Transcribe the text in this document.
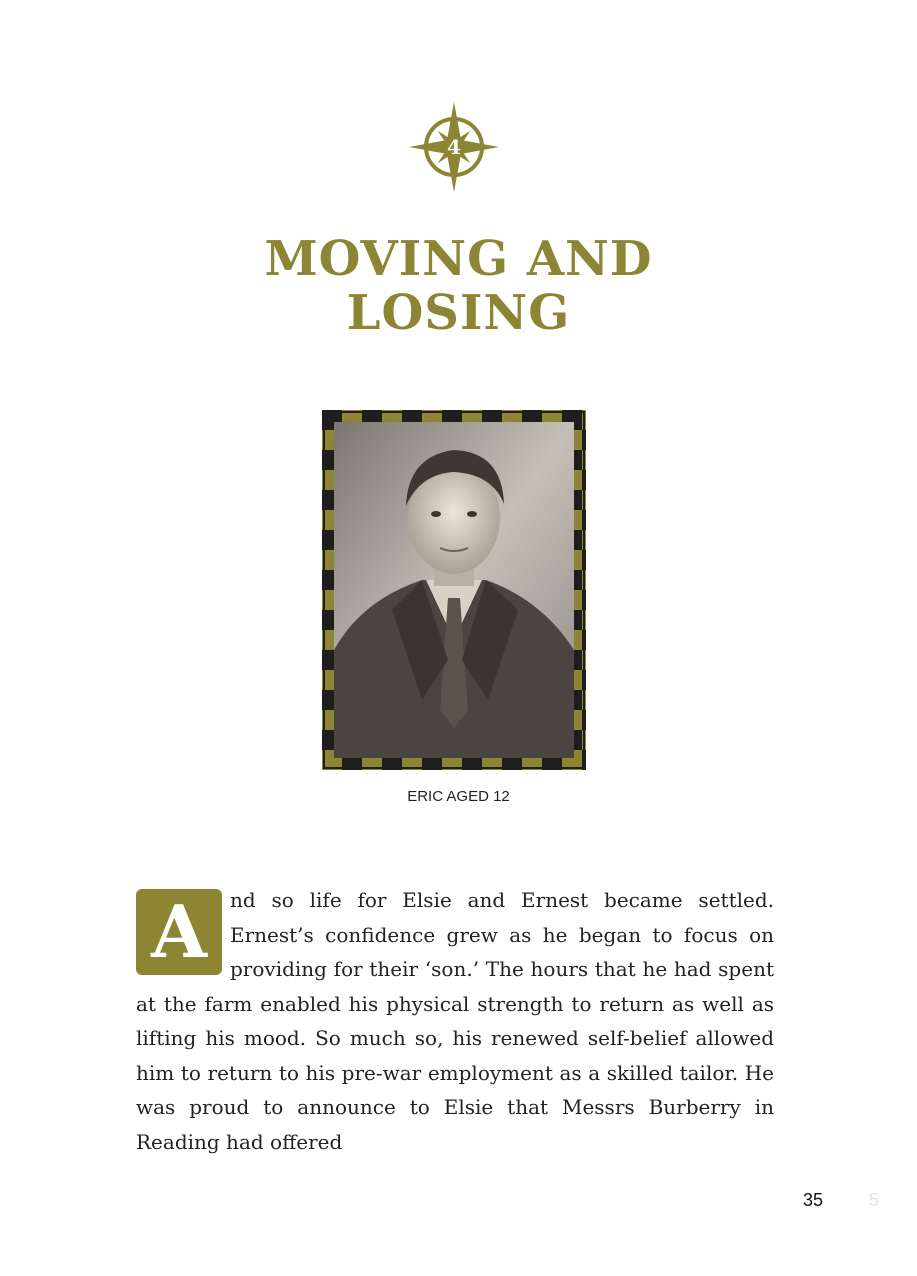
4
MOVING AND
LOSING
ERIC AGED 12

A	nd so life for Elsie and Ernest became settled. Ernest’s confidence grew as he began to focus on providing for their ‘son.’ The hours that he had spent at the farm enabled his physical strength to return as well as lifting his mood. So much so, his renewed self-belief allowed him to return to his pre-war employment as a skilled tailor. He was proud to announce to Elsie that Messrs Burberry in Reading had offered

35	5
